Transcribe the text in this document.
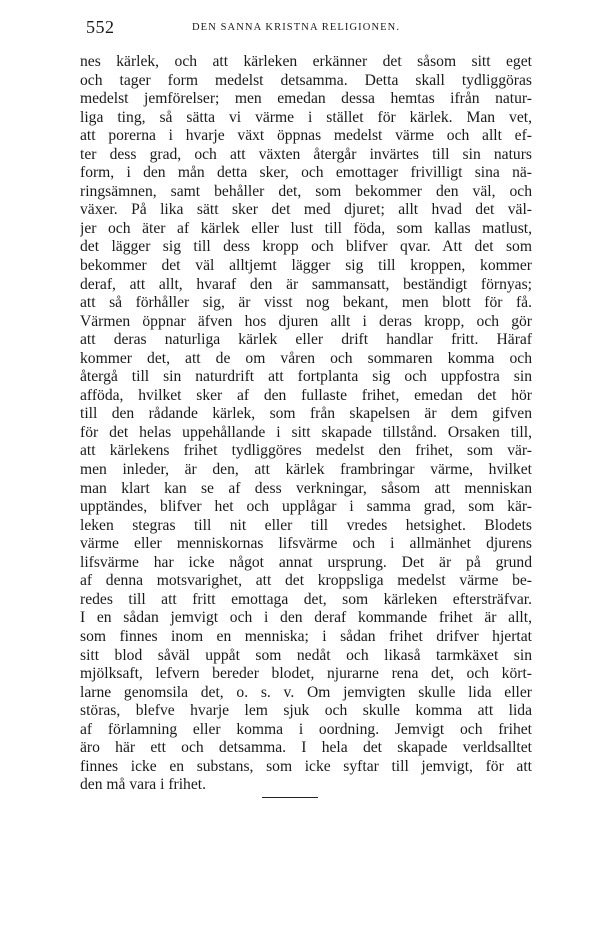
552	DEN SANNA KRISTNA RELIGIONEN.
nes kärlek, och att kärleken erkänner det såsom sitt eget
och tager form medelst detsamma. Detta skall tydliggöras
medelst jemförelser; men emedan dessa hemtas ifrån natur-
liga ting, så sätta vi värme i stället för kärlek. Man vet,
att porerna i hvarje växt öppnas medelst värme och allt ef-
ter dess grad, och att växten återgår invärtes till sin naturs
form, i den mån detta sker, och emottager frivilligt sina nä-
ringsämnen, samt behåller det, som bekommer den väl, och
växer. På lika sätt sker det med djuret; allt hvad det väl-
jer och äter af kärlek eller lust till föda, som kallas matlust,
det lägger sig till dess kropp och blifver qvar. Att det som
bekommer det väl alltjemt lägger sig till kroppen, kommer
deraf, att allt, hvaraf den är sammansatt, beständigt förnyas;
att så förhåller sig, är visst nog bekant, men blott för få.
Värmen öppnar äfven hos djuren allt i deras kropp, och gör
att deras naturliga kärlek eller drift handlar fritt. Häraf
kommer det, att de om våren och sommaren komma och
återgå till sin naturdrift att fortplanta sig och uppfostra sin
afföda, hvilket sker af den fullaste frihet, emedan det hör
till den rådande kärlek, som från skapelsen är dem gifven
för det helas uppehållande i sitt skapade tillstånd. Orsaken till,
att kärlekens frihet tydliggöres medelst den frihet, som vär-
men inleder, är den, att kärlek frambringar värme, hvilket
man klart kan se af dess verkningar, såsom att menniskan
upptändes, blifver het och upplågar i samma grad, som kär-
leken stegras till nit eller till vredes hetsighet. Blodets
värme eller menniskornas lifsvärme och i allmänhet djurens
lifsvärme har icke något annat ursprung. Det är på grund
af denna motsvarighet, att det kroppsliga medelst värme be-
redes till att fritt emottaga det, som kärleken eftersträfvar.
I en sådan jemvigt och i den deraf kommande frihet är allt,
som finnes inom en menniska; i sådan frihet drifver hjertat
sitt blod såväl uppåt som nedåt och likaså tarmkäxet sin
mjölksaft, lefvern bereder blodet, njurarne rena det, och kört-
larne genomsila det, o. s. v. Om jemvigten skulle lida eller
störas, blefve hvarje lem sjuk och skulle komma att lida
af förlamning eller komma i oordning. Jemvigt och frihet
äro här ett och detsamma. I hela det skapade verldsalltet
finnes icke en substans, som icke syftar till jemvigt, för att
den må vara i frihet.
